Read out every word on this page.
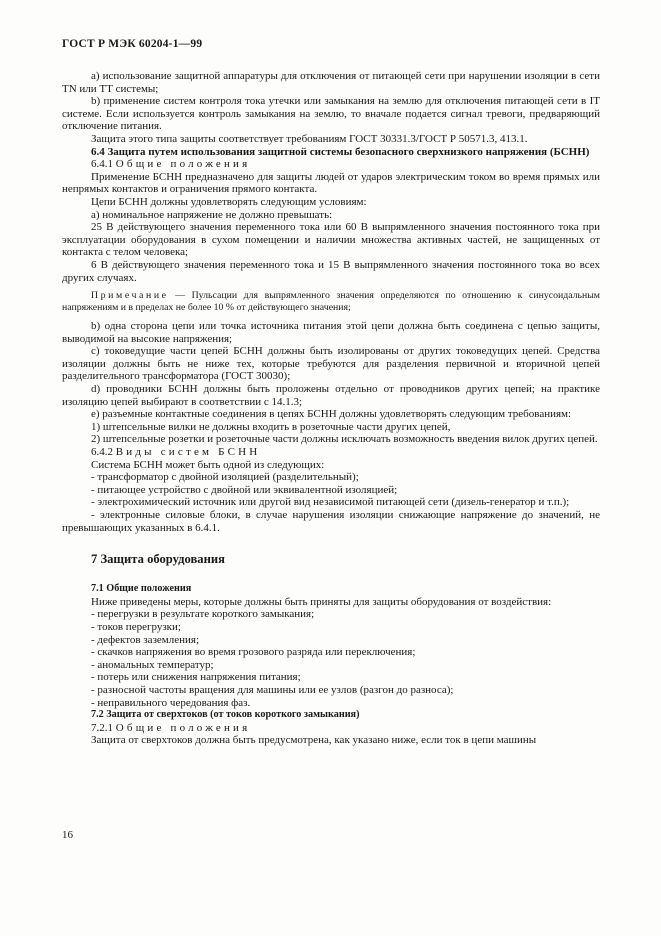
ГОСТ Р МЭК 60204-1—99

а) использование защитной аппаратуры для отключения от питающей сети при нарушении изоляции в сети TN или ТТ системы;

b) применение систем контроля тока утечки или замыкания на землю для отключения питающей сети в IT системе. Если используется контроль замыкания на землю, то вначале подается сигнал тревоги, предваряющий отключение питания.

Защита этого типа защиты соответствует требованиям ГОСТ 30331.3/ГОСТ Р 50571.3, 413.1.

6.4 Защита путем использования защитной системы безопасного сверхнизкого напряжения (БСНН)

6.4.1 Общие положения

Применение БСНН предназначено для защиты людей от ударов электрическим током во время прямых или непрямых контактов и ограничения прямого контакта.

Цепи БСНН должны удовлетворять следующим условиям:

а) номинальное напряжение не должно превышать:

25 В действующего значения переменного тока или 60 В выпрямленного значения постоянного тока при эксплуатации оборудования в сухом помещении и наличии множества активных частей, не защищенных от контакта с телом человека;

6 В действующего значения переменного тока и 15 В выпрямленного значения постоянного тока во всех других случаях.

Примечание — Пульсации для выпрямленного значения определяются по отношению к синусоидальным напряжениям и в пределах не более 10 % от действующего значения;

b) одна сторона цепи или точка источника питания этой цепи должна быть соединена с цепью защиты, выводимой на высокие напряжения;

с) токоведущие части цепей БСНН должны быть изолированы от других токоведущих цепей. Средства изоляции должны быть не ниже тех, которые требуются для разделения первичной и вторичной цепей разделительного трансформатора (ГОСТ 30030);

d) проводники БСНН должны быть проложены отдельно от проводников других цепей; на практике изоляцию цепей выбирают в соответствии с 14.1.3;

е) разъемные контактные соединения в цепях БСНН должны удовлетворять следующим требованиям:

1) штепсельные вилки не должны входить в розеточные части других цепей,

2) штепсельные розетки и розеточные части должны исключать возможность введения вилок других цепей.

6.4.2 Виды систем БСНН

Система БСНН может быть одной из следующих:

- трансформатор с двойной изоляцией (разделительный);

- питающее устройство с двойной или эквивалентной изоляцией;

- электрохимический источник или другой вид независимой питающей сети (дизель-генератор и т.п.);

- электронные силовые блоки, в случае нарушения изоляции снижающие напряжение до значений, не превышающих указанных в 6.4.1.

7 Защита оборудования

7.1 Общие положения

Ниже приведены меры, которые должны быть приняты для защиты оборудования от воздействия:

- перегрузки в результате короткого замыкания;

- токов перегрузки;

- дефектов заземления;

- скачков напряжения во время грозового разряда или переключения;

- аномальных температур;

- потерь или снижения напряжения питания;

- разносной частоты вращения для машины или ее узлов (разгон до разноса);

- неправильного чередования фаз.

7.2 Защита от сверхтоков (от токов короткого замыкания)

7.2.1 Общие положения

Защита от сверхтоков должна быть предусмотрена, как указано ниже, если ток в цепи машины

16
